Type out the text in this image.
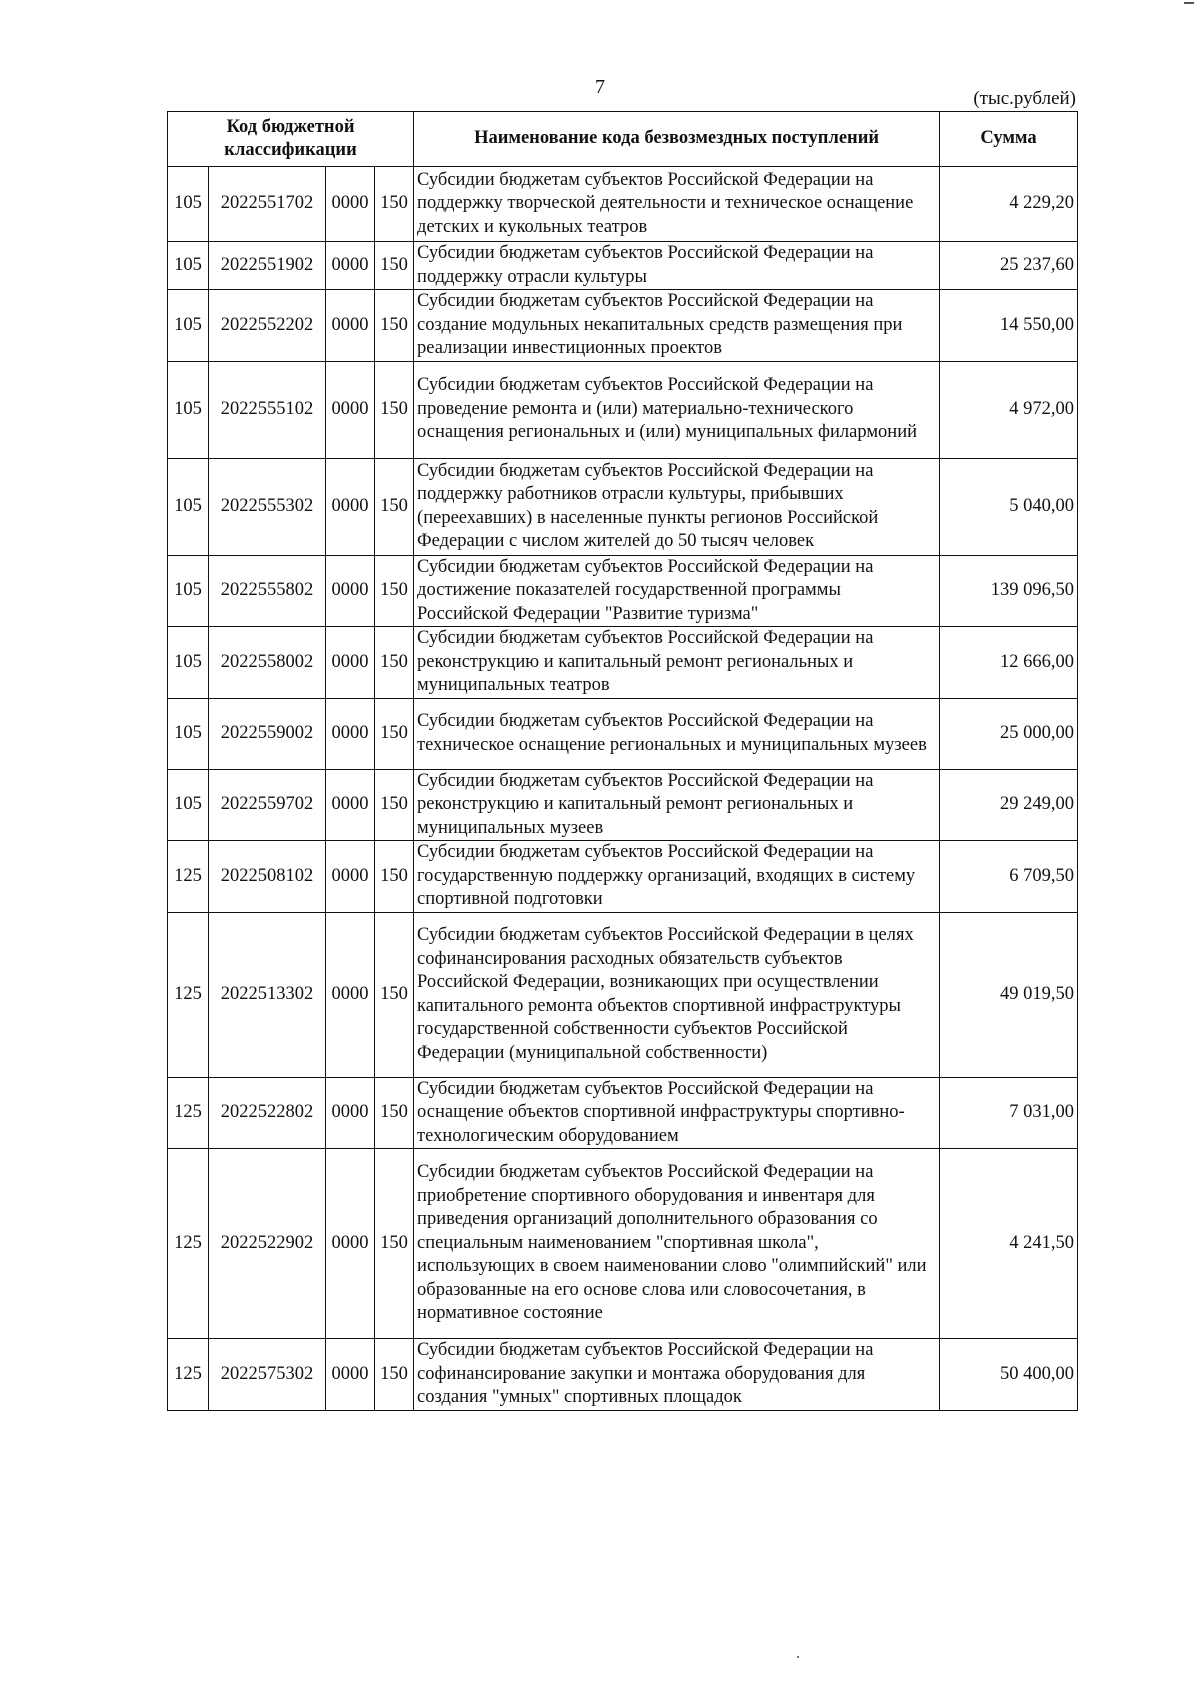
7
(тыс.рублей)
Код бюджетной классификации				Наименование кода безвозмездных поступлений	Сумма
105	2022551702	0000	150	Субсидии бюджетам субъектов Российской Федерации на поддержку творческой деятельности и техническое оснащение детских и кукольных театров	4 229,20
105	2022551902	0000	150	Субсидии бюджетам субъектов Российской Федерации на поддержку отрасли культуры	25 237,60
105	2022552202	0000	150	Субсидии бюджетам субъектов Российской Федерации на создание модульных некапитальных средств размещения при реализации инвестиционных проектов	14 550,00
105	2022555102	0000	150	Субсидии бюджетам субъектов Российской Федерации на проведение ремонта и (или) материально-технического оснащения региональных и (или) муниципальных филармоний	4 972,00
105	2022555302	0000	150	Субсидии бюджетам субъектов Российской Федерации на поддержку работников отрасли культуры, прибывших (переехавших) в населенные пункты регионов Российской Федерации с числом жителей до 50 тысяч человек	5 040,00
105	2022555802	0000	150	Субсидии бюджетам субъектов Российской Федерации на достижение показателей государственной программы Российской Федерации "Развитие туризма"	139 096,50
105	2022558002	0000	150	Субсидии бюджетам субъектов Российской Федерации на реконструкцию и капитальный ремонт региональных и муниципальных театров	12 666,00
105	2022559002	0000	150	Субсидии бюджетам субъектов Российской Федерации на техническое оснащение региональных и муниципальных музеев	25 000,00
105	2022559702	0000	150	Субсидии бюджетам субъектов Российской Федерации на реконструкцию и капитальный ремонт региональных и муниципальных музеев	29 249,00
125	2022508102	0000	150	Субсидии бюджетам субъектов Российской Федерации на государственную поддержку организаций, входящих в систему спортивной подготовки	6 709,50
125	2022513302	0000	150	Субсидии бюджетам субъектов Российской Федерации в целях софинансирования расходных обязательств субъектов Российской Федерации, возникающих при осуществлении капитального ремонта объектов спортивной инфраструктуры государственной собственности субъектов Российской Федерации (муниципальной собственности)	49 019,50
125	2022522802	0000	150	Субсидии бюджетам субъектов Российской Федерации на оснащение объектов спортивной инфраструктуры спортивно-технологическим оборудованием	7 031,00
125	2022522902	0000	150	Субсидии бюджетам субъектов Российской Федерации на приобретение спортивного оборудования и инвентаря для приведения организаций дополнительного образования со специальным наименованием "спортивная школа", использующих в своем наименовании слово "олимпийский" или образованные на его основе слова или словосочетания, в нормативное состояние	4 241,50
125	2022575302	0000	150	Субсидии бюджетам субъектов Российской Федерации на софинансирование закупки и монтажа оборудования для создания "умных" спортивных площадок	50 400,00
